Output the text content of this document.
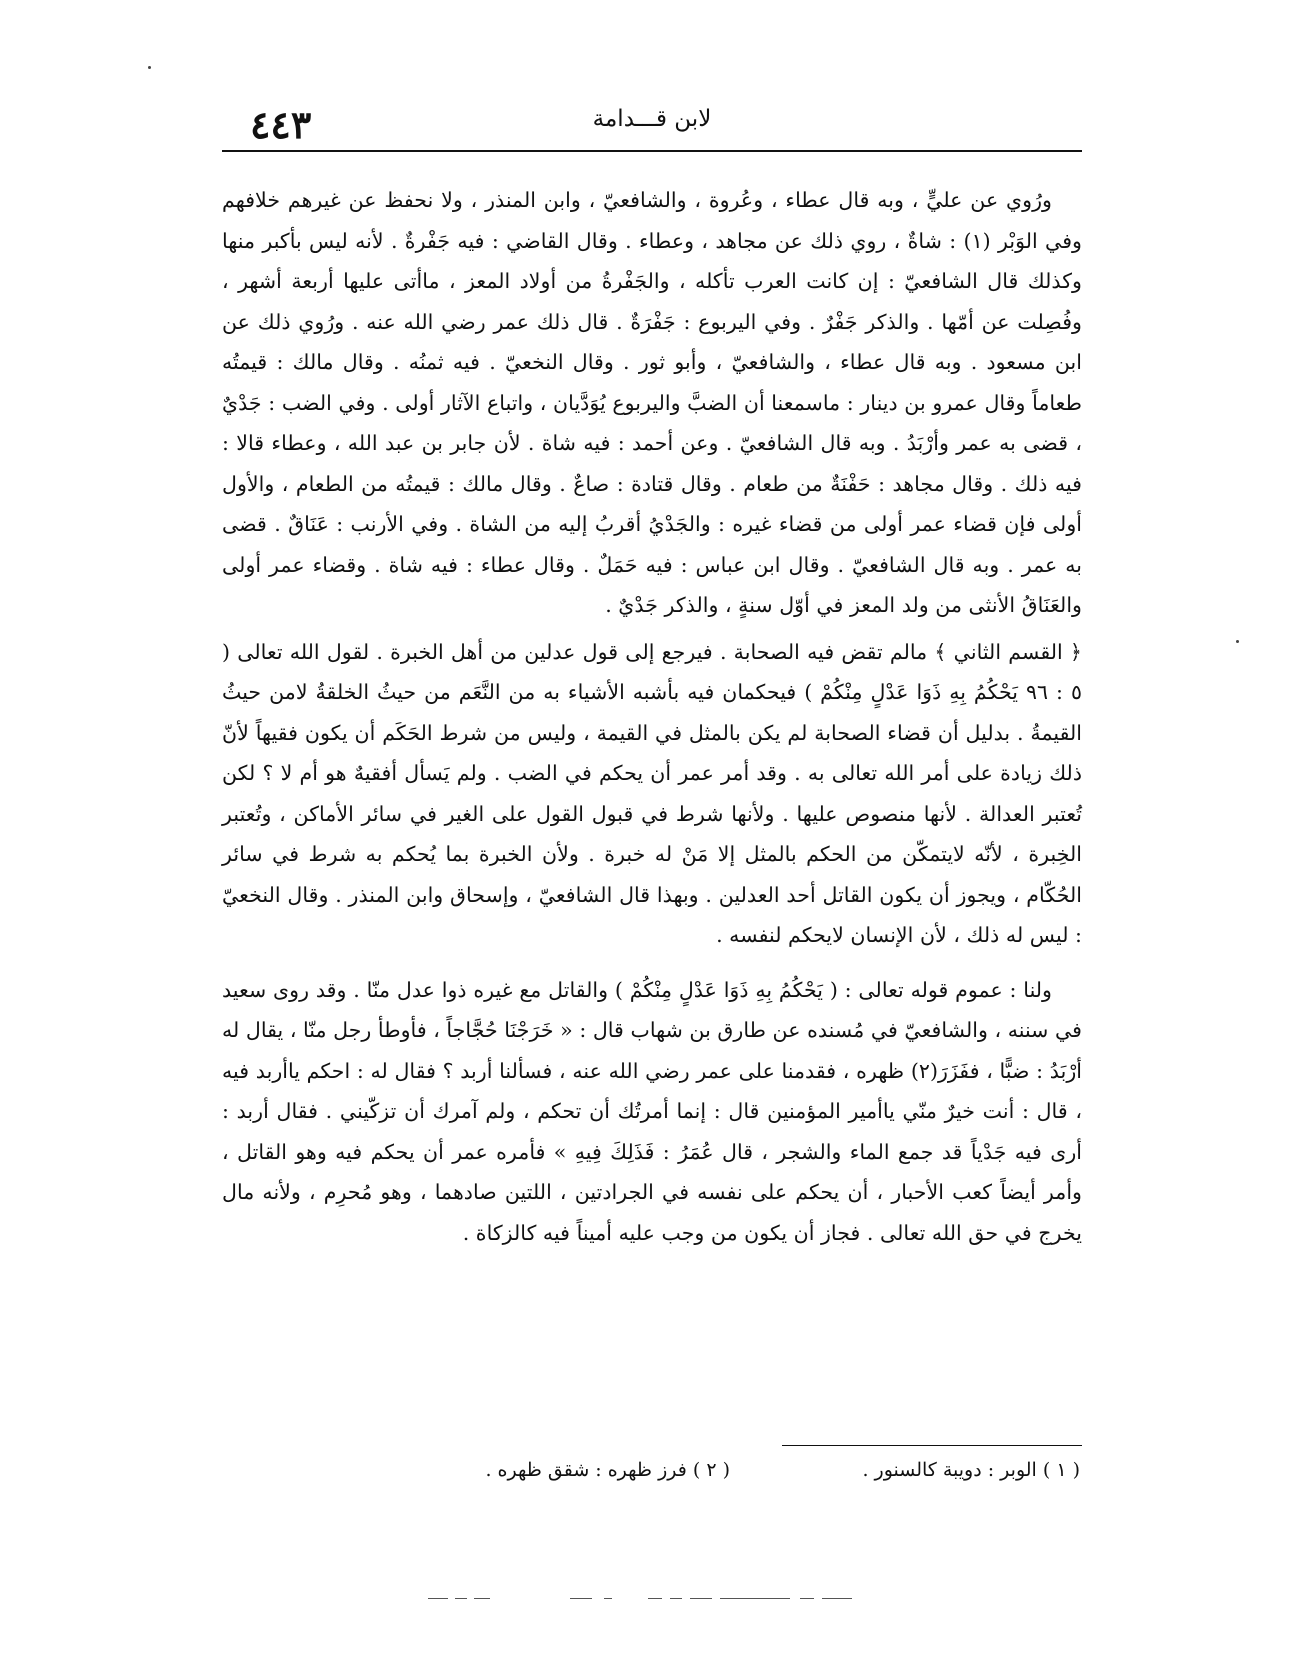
٤٤٣	لابن قـــدامة

ورُوي عن عليٍّ ، وبه قال عطاء ، وعُروة ، والشافعيّ ، وابن المنذر ، ولا نحفظ عن غيرهم خلافهم وفي الوَبْر (١) : شاةٌ ، روي ذلك عن مجاهد ، وعطاء . وقال القاضي : فيه جَفْرةٌ . لأنه ليس بأكبر منها وكذلك قال الشافعيّ : إن كانت العرب تأكله ، والجَفْرةُ من أولاد المعز ، ماأتى عليها أربعة أشهر ، وفُصِلت عن أمّها . والذكر جَفْرٌ . وفي اليربوع : جَفْرَةٌ . قال ذلك عمر رضي الله عنه . ورُوي ذلك عن ابن مسعود . وبه قال عطاء ، والشافعيّ ، وأبو ثور . وقال النخعيّ . فيه ثمنُه . وقال مالك : قيمتُه طعاماً وقال عمرو بن دينار : ماسمعنا أن الضبَّ واليربوع يُوَدَّيان ، واتباع الآثار أولى . وفي الضب : جَدْيٌ ، قضى به عمر وأرْبَدُ . وبه قال الشافعيّ . وعن أحمد : فيه شاة . لأن جابر بن عبد الله ، وعطاء قالا : فيه ذلك . وقال مجاهد : حَفْنَةٌ من طعام . وقال قتادة : صاعٌ . وقال مالك : قيمتُه من الطعام ، والأول أولى فإن قضاء عمر أولى من قضاء غيره : والجَدْيُ أقربُ إليه من الشاة . وفي الأرنب : عَنَاقٌ . قضى به عمر . وبه قال الشافعيّ . وقال ابن عباس : فيه حَمَلٌ . وقال عطاء : فيه شاة . وقضاء عمر أولى والعَنَاقُ الأنثى من ولد المعز في أوّل سنةٍ ، والذكر جَدْيٌ .

﴿ القسم الثاني ﴾ مالم تقض فيه الصحابة . فيرجع إلى قول عدلين من أهل الخبرة . لقول الله تعالى ( ٥ : ٩٦ يَحْكُمُ بِهِ ذَوَا عَدْلٍ مِنْكُمْ ) فيحكمان فيه بأشبه الأشياء به من النَّعَم من حيثُ الخلقةُ لامن حيثُ القيمةُ . بدليل أن قضاء الصحابة لم يكن بالمثل في القيمة ، وليس من شرط الحَكَم أن يكون فقيهاً لأنّ ذلك زيادة على أمر الله تعالى به . وقد أمر عمر أن يحكم في الضب . ولم يَسأل أفقيهٌ هو أم لا ؟ لكن تُعتبر العدالة . لأنها منصوص عليها . ولأنها شرط في قبول القول على الغير في سائر الأماكن ، وتُعتبر الخِبرة ، لأنّه لايتمكّن من الحكم بالمثل إلا مَنْ له خبرة . ولأن الخبرة بما يُحكم به شرط في سائر الحُكّام ، ويجوز أن يكون القاتل أحد العدلين . وبهذا قال الشافعيّ ، وإسحاق وابن المنذر . وقال النخعيّ : ليس له ذلك ، لأن الإنسان لايحكم لنفسه .

ولنا : عموم قوله تعالى : ( يَحْكُمُ بِهِ ذَوَا عَدْلٍ مِنْكُمْ ) والقاتل مع غيره ذوا عدل منّا . وقد روى سعيد في سننه ، والشافعيّ في مُسنده عن طارق بن شهاب قال : « خَرَجْنَا حُجَّاجاً ، فأوطأ رجل منّا ، يقال له أرْبَدُ : ضبًّا ، ففَزَرَ(٢) ظهره ، فقدمنا على عمر رضي الله عنه ، فسألنا أربد ؟ فقال له : احكم ياأربد فيه ، قال : أنت خيرٌ منّي ياأمير المؤمنين قال : إنما أمرتُك أن تحكم ، ولم آمرك أن تزكّيني . فقال أربد : أرى فيه جَدْياً قد جمع الماء والشجر ، قال عُمَرُ : فَذَلِكَ فِيهِ » فأمره عمر أن يحكم فيه وهو القاتل ، وأمر أيضاً كعب الأحبار ، أن يحكم على نفسه في الجرادتين ، اللتين صادهما ، وهو مُحرِم ، ولأنه مال يخرج في حق الله تعالى . فجاز أن يكون من وجب عليه أميناً فيه كالزكاة .

( ١ ) الوبر : دويبة كالسنور .
( ٢ ) فرز ظهره : شقق ظهره .
